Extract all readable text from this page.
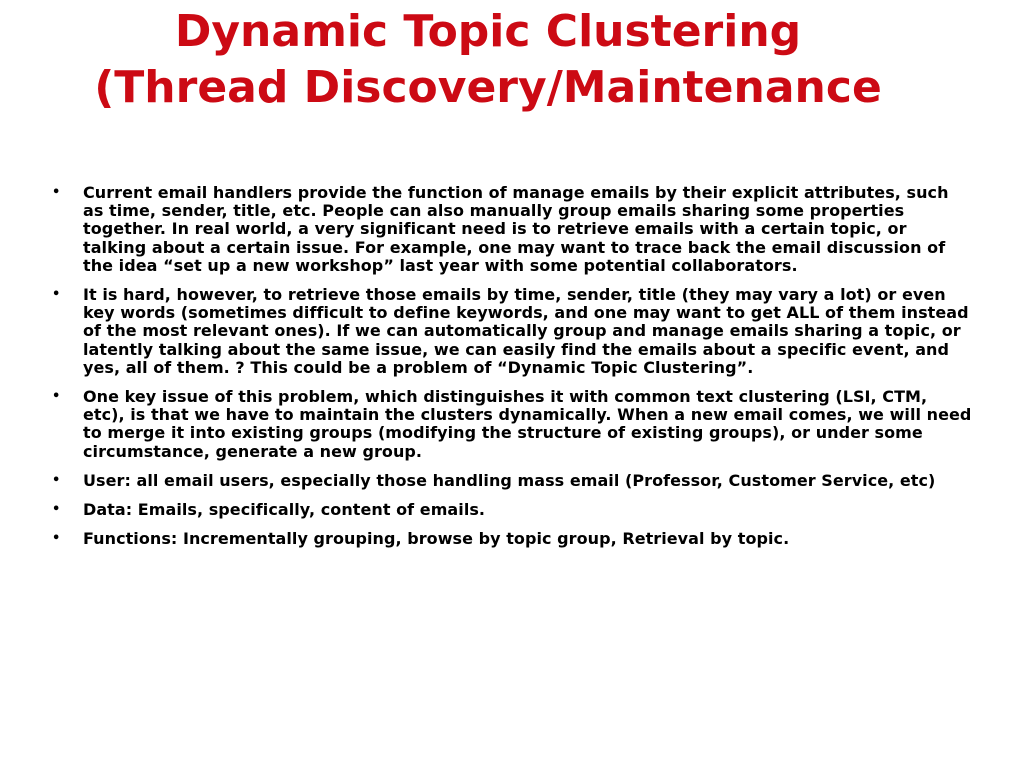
Dynamic Topic Clustering
(Thread Discovery/Maintenance
• Current email handlers provide the function of manage emails by their explicit attributes, such as time, sender, title, etc. People can also manually group emails sharing some properties together. In real world, a very significant need is to retrieve emails with a certain topic, or talking about a certain issue. For example, one may want to trace back the email discussion of the idea “set up a new workshop” last year with some potential collaborators.
• It is hard, however, to retrieve those emails by time, sender, title (they may vary a lot) or even key words (sometimes difficult to define keywords, and one may want to get ALL of them instead of the most relevant ones). If we can automatically group and manage emails sharing a topic, or latently talking about the same issue, we can easily find the emails about a specific event, and yes, all of them. ? This could be a problem of “Dynamic Topic Clustering”.
• One key issue of this problem, which distinguishes it with common text clustering (LSI, CTM, etc), is that we have to maintain the clusters dynamically. When a new email comes, we will need to merge it into existing groups (modifying the structure of existing groups), or under some circumstance, generate a new group.
• User: all email users, especially those handling mass email (Professor, Customer Service, etc)
• Data: Emails, specifically, content of emails.
• Functions: Incrementally grouping, browse by topic group, Retrieval by topic.
